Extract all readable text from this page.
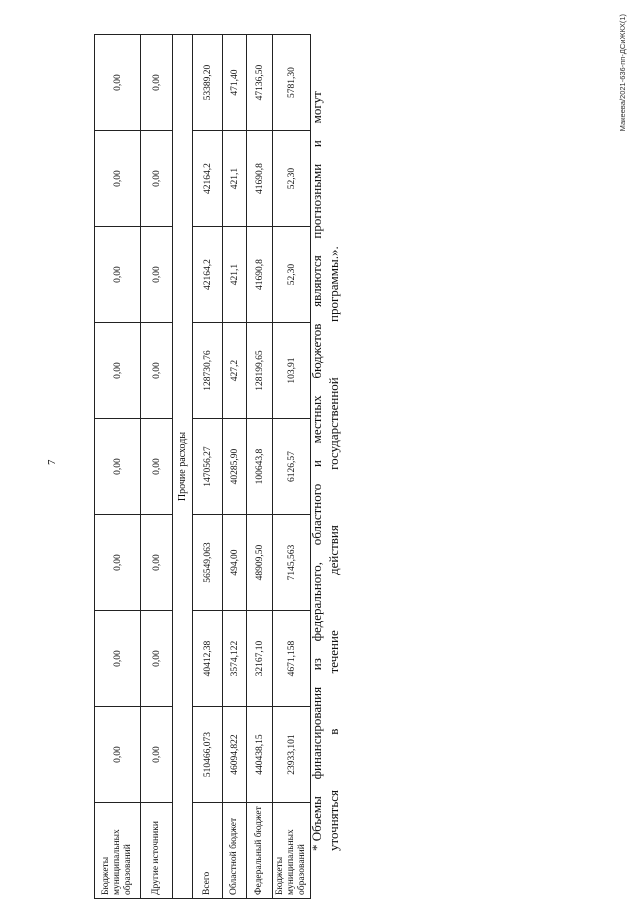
7
Бюджеты муниципальных образований	0,00	0,00	0,00	0,00	0,00	0,00	0,00	0,00
Другие источники	0,00	0,00	0,00	0,00	0,00	0,00	0,00	0,00
Прочие расходы								
Всего	510466,073	40412,38	56549,063	147056,27	128730,76	42164,2	42164,2	53389,20
Областной бюджет	46094,822	3574,122	494,00	40285,90	427,2	421,1	421,1	471,40
Федеральный бюджет	440438,15	32167,10	48909,50	100643,8	128199,65	41690,8	41690,8	47136,50
Бюджеты муниципальных образований	23933,101	4671,158	7145,563	6126,57	103,91	52,30	52,30	5781,30
* Объемы
финансирования
из
федерального,
областного
и
местных
бюджетов
являются
прогнозными
и
могут
уточняться
в
течение
действия
государственной
программы.».
Макеева/2021-636-пп-ДСиЖКХ(1)
